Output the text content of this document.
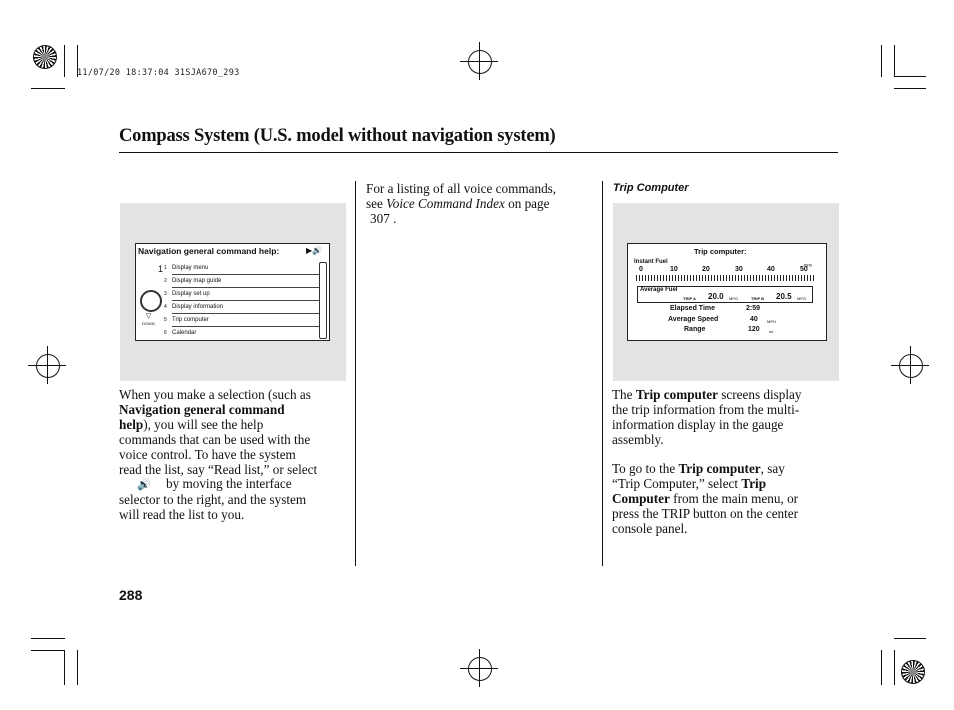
11/07/20 18:37:04 31SJA670_293
Compass System (U.S. model without navigation system)
Navigation general command help:	▶🔊
1
▽
DOWN
1 Display menu
2 Display map guide
3 Display set up
4 Display information
5 Trip computer
6 Calendar
When you make a selection (such as
Navigation general command
help), you will see the help
commands that can be used with the
voice control. To have the system
read the list, say “Read list,” or select
🔊 by moving the interface
selector to the right, and the system
will read the list to you.
For a listing of all voice commands,
see Voice Command Index on page
307 .
Trip Computer
Trip computer:
Instant Fuel	mpg
0	10	20	30	40	50
Average Fuel
TRIP A 20.0 MPG	TRIP B 20.5 MPG
Elapsed Time	2:59
Average Speed	40 MPH
Range	120 mi
The Trip computer screens display
the trip information from the multi-
information display in the gauge
assembly.
To go to the Trip computer, say
“Trip Computer,” select Trip
Computer from the main menu, or
press the TRIP button on the center
console panel.
288
